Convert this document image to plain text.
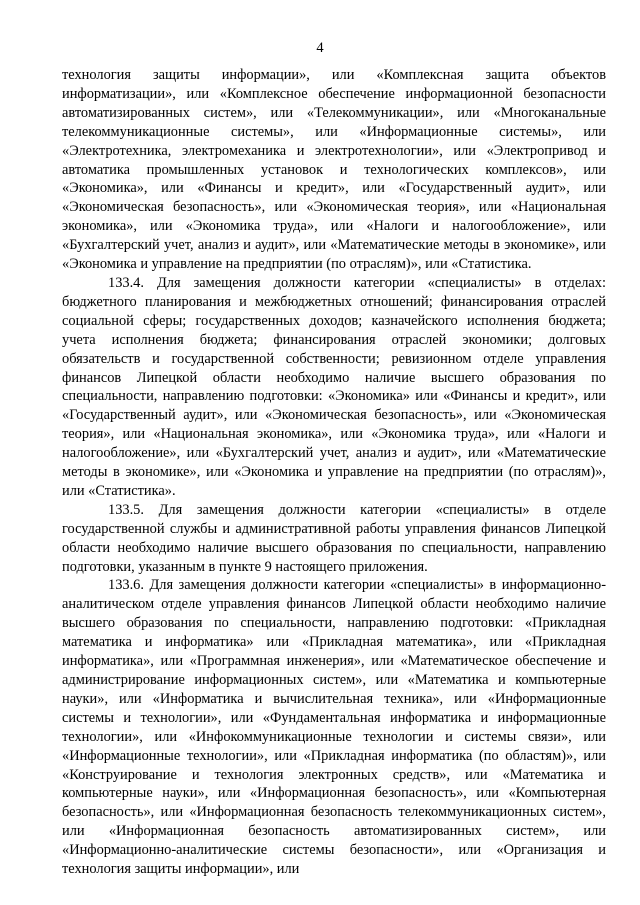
4

технология защиты информации», или «Комплексная защита объектов информатизации», или «Комплексное обеспечение информационной безопасности автоматизированных систем», или «Телекоммуникации», или «Многоканальные телекоммуникационные системы», или «Информационные системы», или «Электротехника, электромеханика и электротехнологии», или «Электропривод и автоматика промышленных установок и технологических комплексов», или «Экономика», или «Финансы и кредит», или «Государственный аудит», или «Экономическая безопасность», или «Экономическая теория», или «Национальная экономика», или «Экономика труда», или «Налоги и налогообложение», или «Бухгалтерский учет, анализ и аудит», или «Математические методы в экономике», или «Экономика и управление на предприятии (по отраслям)», или «Статистика.

133.4. Для замещения должности категории «специалисты» в отделах: бюджетного планирования и межбюджетных отношений; финансирования отраслей социальной сферы; государственных доходов; казначейского исполнения бюджета; учета исполнения бюджета; финансирования отраслей экономики; долговых обязательств и государственной собственности; ревизионном отделе управления финансов Липецкой области необходимо наличие высшего образования по специальности, направлению подготовки: «Экономика» или «Финансы и кредит», или «Государственный аудит», или «Экономическая безопасность», или «Экономическая теория», или «Национальная экономика», или «Экономика труда», или «Налоги и налогообложение», или «Бухгалтерский учет, анализ и аудит», или «Математические методы в экономике», или «Экономика и управление на предприятии (по отраслям)», или «Статистика».

133.5. Для замещения должности категории «специалисты» в отделе государственной службы и административной работы управления финансов Липецкой области необходимо наличие высшего образования по специальности, направлению подготовки, указанным в пункте 9 настоящего приложения.

133.6. Для замещения должности категории «специалисты» в информационно-аналитическом отделе управления финансов Липецкой области необходимо наличие высшего образования по специальности, направлению подготовки: «Прикладная математика и информатика» или «Прикладная математика», или «Прикладная информатика», или «Программная инженерия», или «Математическое обеспечение и администрирование информационных систем», или «Математика и компьютерные науки», или «Информатика и вычислительная техника», или «Информационные системы и технологии», или «Фундаментальная информатика и информационные технологии», или «Инфокоммуникационные технологии и системы связи», или «Информационные технологии», или «Прикладная информатика (по областям)», или «Конструирование и технология электронных средств», или «Математика и компьютерные науки», или «Информационная безопасность», или «Компьютерная безопасность», или «Информационная безопасность телекоммуникационных систем», или «Информационная безопасность автоматизированных систем», или «Информационно-аналитические системы безопасности», или «Организация и технология защиты информации», или
